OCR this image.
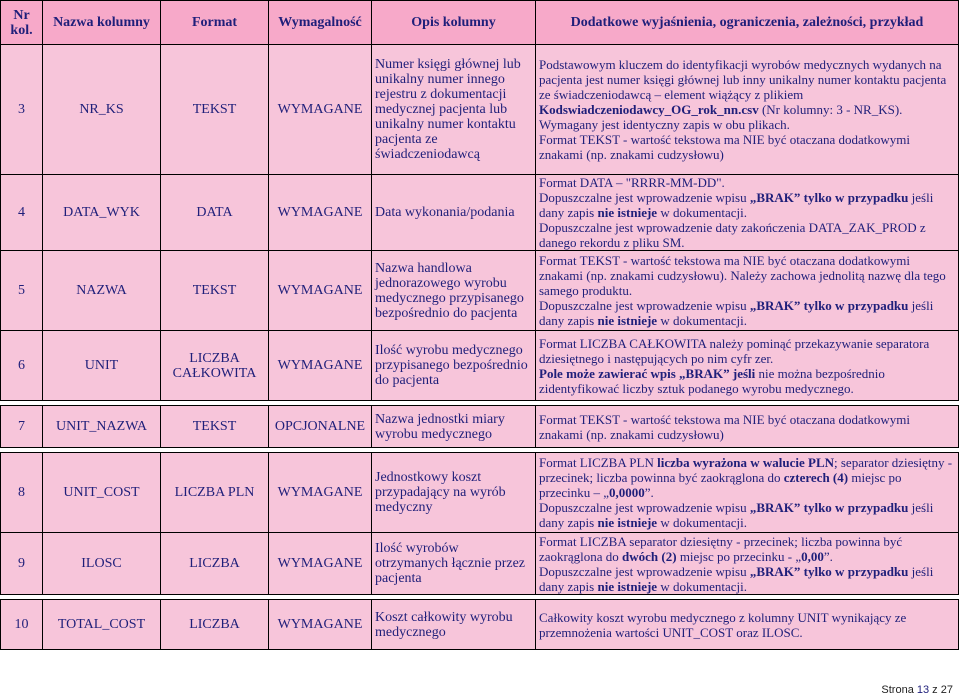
Nr kol.	Nazwa kolumny	Format	Wymagalność	Opis kolumny	Dodatkowe wyjaśnienia, ograniczenia, zależności, przykład
3	NR_KS	TEKST	WYMAGANE	Numer księgi głównej lub unikalny numer innego rejestru z dokumentacji medycznej pacjenta lub unikalny numer kontaktu pacjenta ze świadczeniodawcą	Podstawowym kluczem do identyfikacji wyrobów medycznych wydanych na pacjenta jest numer księgi głównej lub inny unikalny numer kontaktu pacjenta ze świadczeniodawcą – element wiążący z plikiem Kodswiadczeniodawcy_OG_rok_nn.csv (Nr kolumny: 3 - NR_KS). Wymagany jest identyczny zapis w obu plikach.
Format TEKST - wartość tekstowa ma NIE być otaczana dodatkowymi znakami (np. znakami cudzysłowu)
4	DATA_WYK	DATA	WYMAGANE	Data wykonania/podania	Format DATA – "RRRR-MM-DD".
Dopuszczalne jest wprowadzenie wpisu „BRAK” tylko w przypadku jeśli dany zapis nie istnieje w dokumentacji.
Dopuszczalne jest wprowadzenie daty zakończenia DATA_ZAK_PROD z danego rekordu z pliku SM.
5	NAZWA	TEKST	WYMAGANE	Nazwa handlowa jednorazowego wyrobu medycznego przypisanego bezpośrednio do pacjenta	Format TEKST - wartość tekstowa ma NIE być otaczana dodatkowymi znakami (np. znakami cudzysłowu). Należy zachowa jednolitą nazwę dla tego samego produktu.
Dopuszczalne jest wprowadzenie wpisu „BRAK” tylko w przypadku jeśli dany zapis nie istnieje w dokumentacji.
6	UNIT	LICZBA CAŁKOWITA	WYMAGANE	Ilość wyrobu medycznego przypisanego bezpośrednio do pacjenta	Format LICZBA CAŁKOWITA należy pominąć przekazywanie separatora dziesiętnego i następujących po nim cyfr zer.
Pole może zawierać wpis „BRAK” jeśli nie można bezpośrednio zidentyfikować liczby sztuk podanego wyrobu medycznego.

7	UNIT_NAZWA	TEKST	OPCJONALNE	Nazwa jednostki miary wyrobu medycznego	Format TEKST - wartość tekstowa ma NIE być otaczana dodatkowymi znakami (np. znakami cudzysłowu)

8	UNIT_COST	LICZBA PLN	WYMAGANE	Jednostkowy koszt przypadający na wyrób medyczny	Format LICZBA PLN liczba wyrażona w walucie PLN; separator dziesiętny - przecinek; liczba powinna być zaokrąglona do czterech (4) miejsc po przecinku – „0,0000”.
Dopuszczalne jest wprowadzenie wpisu „BRAK” tylko w przypadku jeśli dany zapis nie istnieje w dokumentacji.
9	ILOSC	LICZBA	WYMAGANE	Ilość wyrobów otrzymanych łącznie przez pacjenta	Format LICZBA separator dziesiętny - przecinek; liczba powinna być zaokrąglona do dwóch (2) miejsc po przecinku - „0,00”.
Dopuszczalne jest wprowadzenie wpisu „BRAK” tylko w przypadku jeśli dany zapis nie istnieje w dokumentacji.

10	TOTAL_COST	LICZBA	WYMAGANE	Koszt całkowity wyrobu medycznego	Całkowity koszt wyrobu medycznego z kolumny UNIT wynikający ze przemnożenia wartości UNIT_COST oraz ILOSC.
Strona 13 z 27
